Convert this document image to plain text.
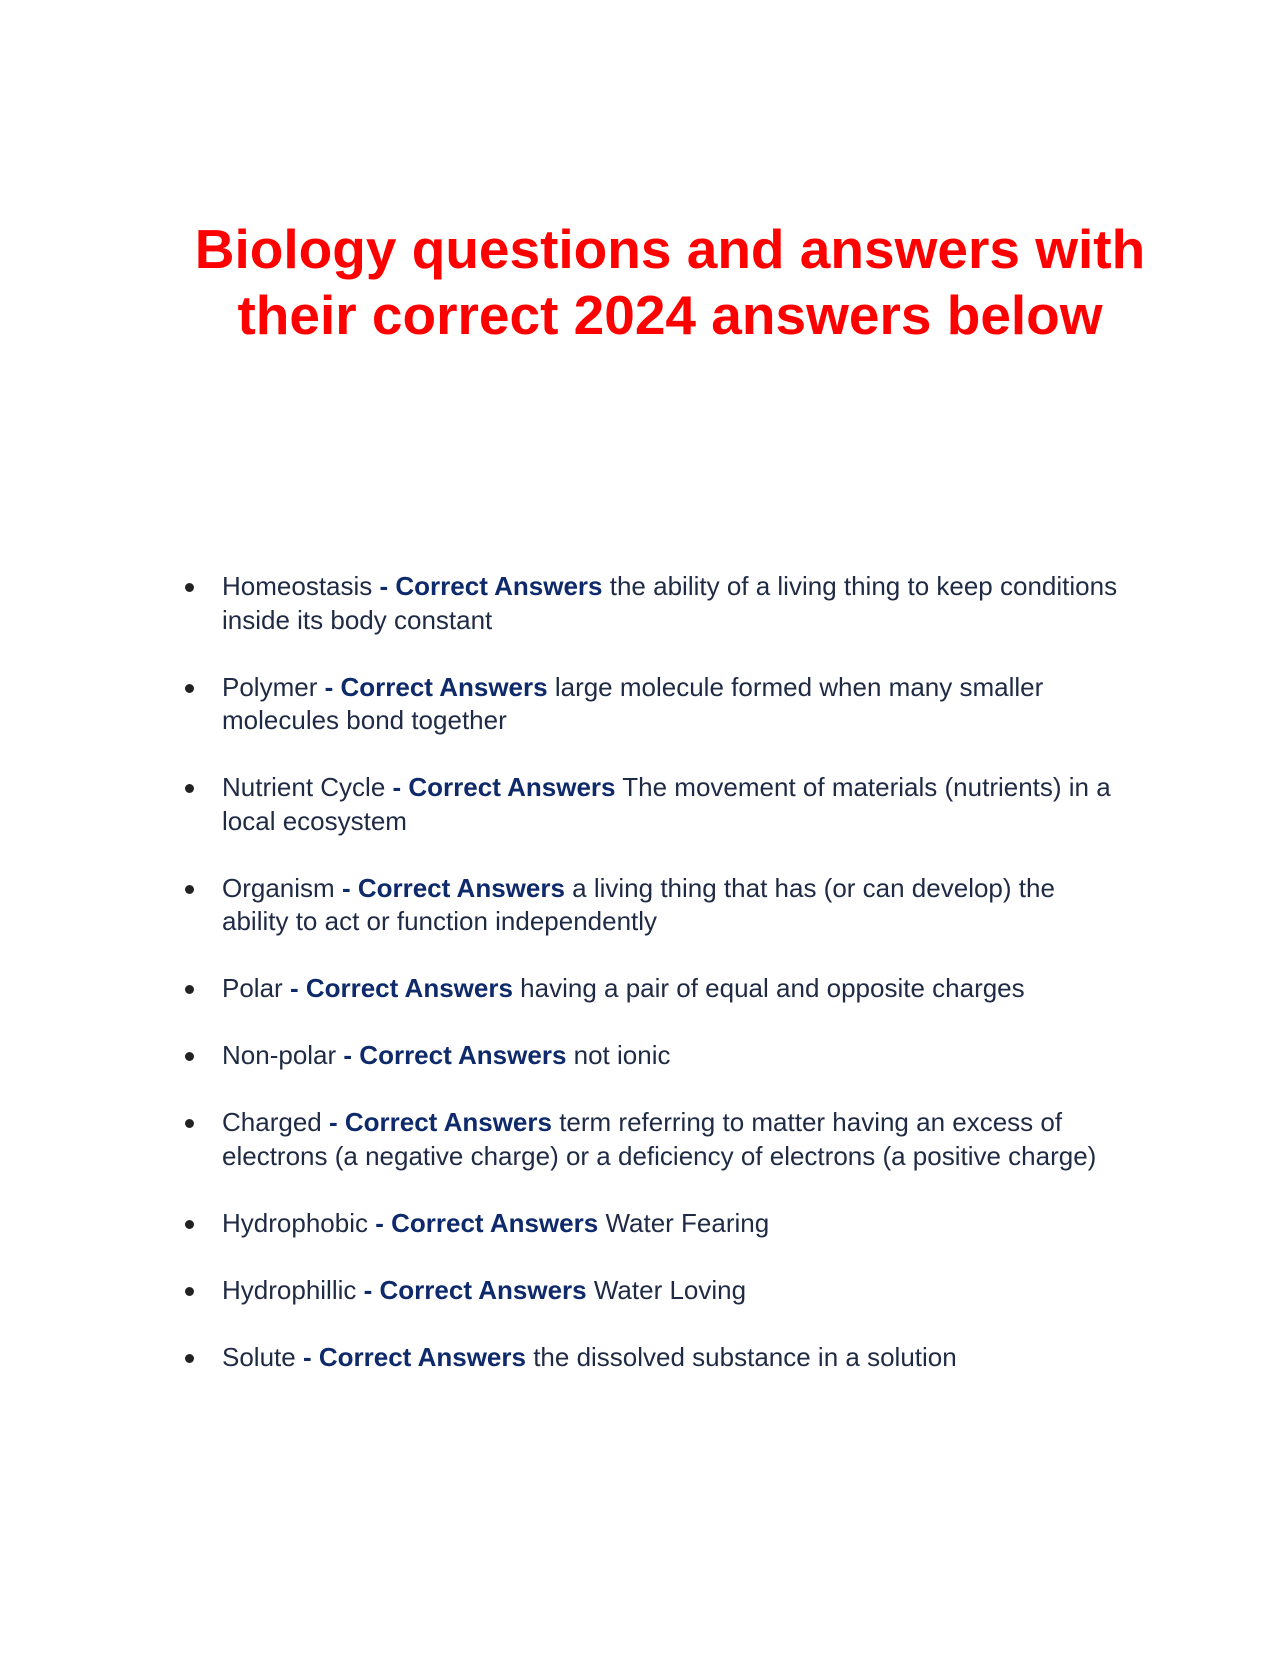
Biology questions and answers with their correct 2024 answers below
Homeostasis - Correct Answers the ability of a living thing to keep conditions inside its body constant
Polymer - Correct Answers large molecule formed when many smaller molecules bond together
Nutrient Cycle - Correct Answers The movement of materials (nutrients) in a local ecosystem
Organism - Correct Answers a living thing that has (or can develop) the ability to act or function independently
Polar - Correct Answers having a pair of equal and opposite charges
Non-polar - Correct Answers not ionic
Charged - Correct Answers term referring to matter having an excess of electrons (a negative charge) or a deficiency of electrons (a positive charge)
Hydrophobic - Correct Answers Water Fearing
Hydrophillic - Correct Answers Water Loving
Solute - Correct Answers the dissolved substance in a solution
